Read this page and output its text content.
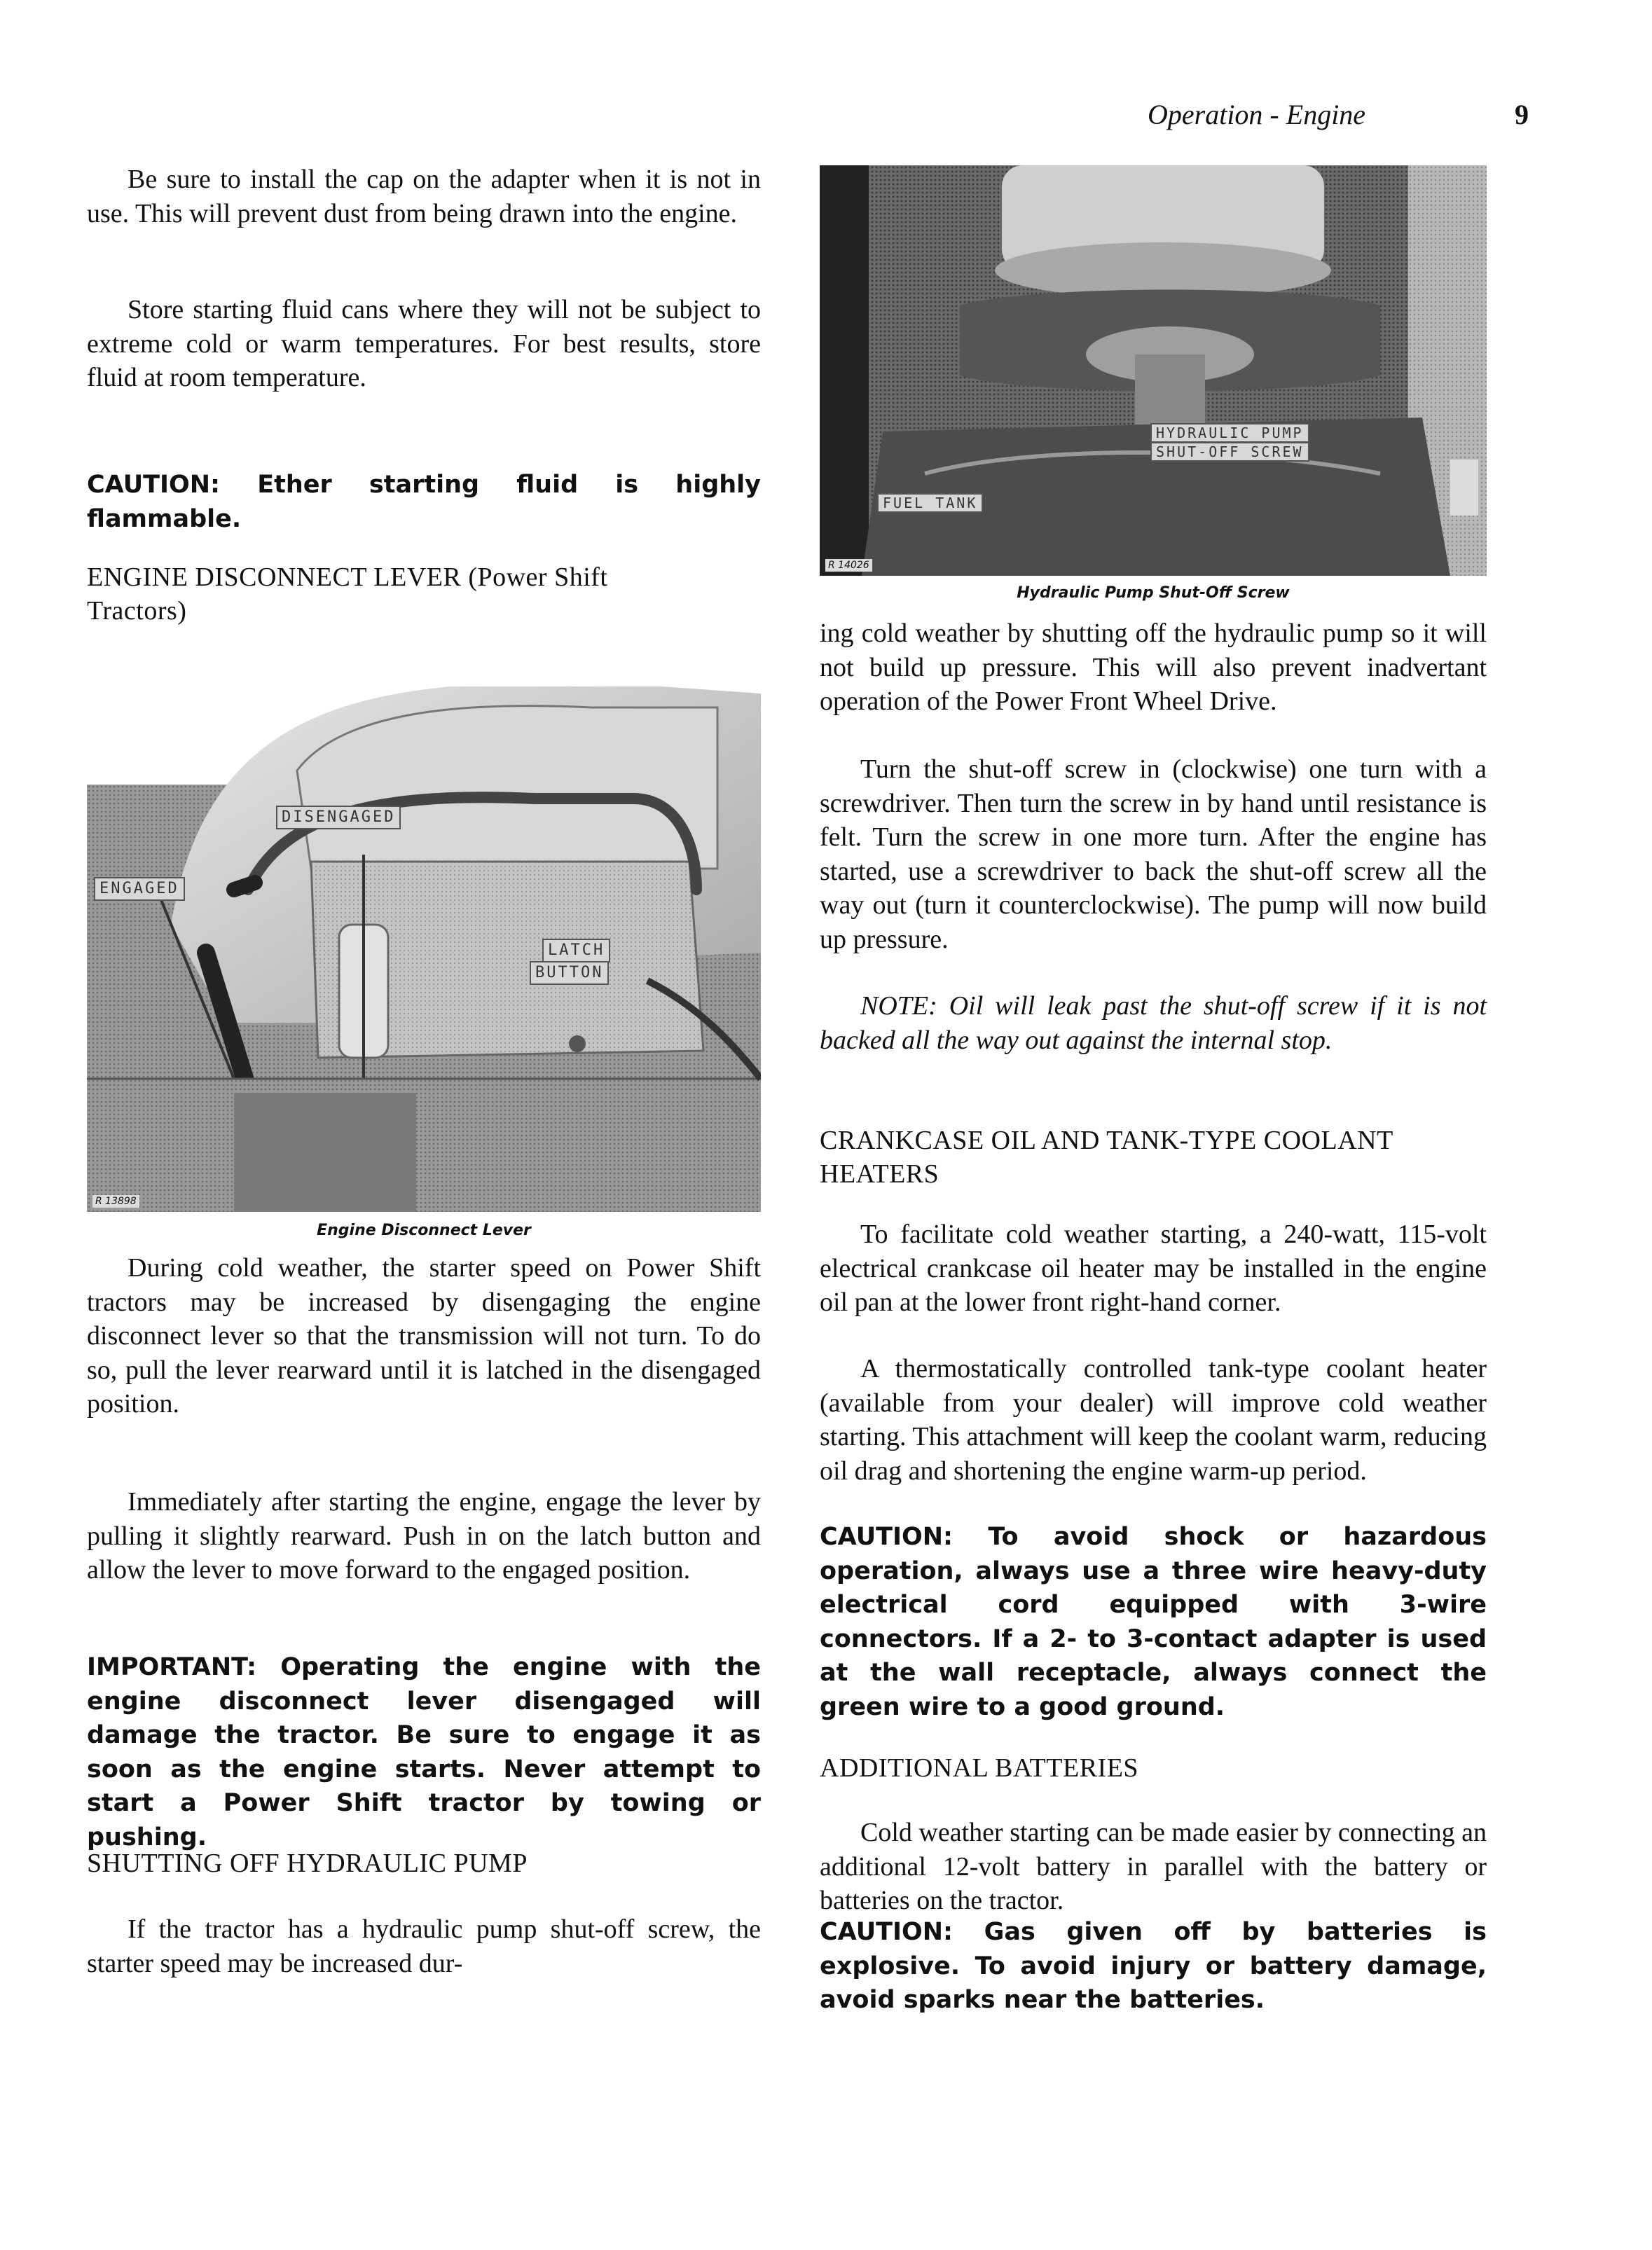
Operation - Engine	9

Be sure to install the cap on the adapter when it is not in use. This will prevent dust from being drawn into the engine.

Store starting fluid cans where they will not be subject to extreme cold or warm temperatures. For best results, store fluid at room temperature.

CAUTION: Ether starting fluid is highly flammable.

ENGINE DISCONNECT LEVER (Power Shift Tractors)

DISENGAGED
ENGAGED
LATCH
BUTTON
R 13898
Engine Disconnect Lever

During cold weather, the starter speed on Power Shift tractors may be increased by disengaging the engine disconnect lever so that the transmission will not turn. To do so, pull the lever rearward until it is latched in the disengaged position.

Immediately after starting the engine, engage the lever by pulling it slightly rearward. Push in on the latch button and allow the lever to move forward to the engaged position.

IMPORTANT: Operating the engine with the engine disconnect lever disengaged will damage the tractor. Be sure to engage it as soon as the engine starts. Never attempt to start a Power Shift tractor by towing or pushing.

SHUTTING OFF HYDRAULIC PUMP

If the tractor has a hydraulic pump shut-off screw, the starter speed may be increased dur-

HYDRAULIC PUMP
SHUT-OFF SCREW
FUEL TANK
R 14026
Hydraulic Pump Shut-Off Screw

ing cold weather by shutting off the hydraulic pump so it will not build up pressure. This will also prevent inadvertant operation of the Power Front Wheel Drive.

Turn the shut-off screw in (clockwise) one turn with a screwdriver. Then turn the screw in by hand until resistance is felt. Turn the screw in one more turn. After the engine has started, use a screwdriver to back the shut-off screw all the way out (turn it counterclockwise). The pump will now build up pressure.

NOTE: Oil will leak past the shut-off screw if it is not backed all the way out against the internal stop.

CRANKCASE OIL AND TANK-TYPE COOLANT HEATERS

To facilitate cold weather starting, a 240-watt, 115-volt electrical crankcase oil heater may be installed in the engine oil pan at the lower front right-hand corner.

A thermostatically controlled tank-type coolant heater (available from your dealer) will improve cold weather starting. This attachment will keep the coolant warm, reducing oil drag and shortening the engine warm-up period.

CAUTION: To avoid shock or hazardous operation, always use a three wire heavy-duty electrical cord equipped with 3-wire connectors. If a 2- to 3-contact adapter is used at the wall receptacle, always connect the green wire to a good ground.

ADDITIONAL BATTERIES

Cold weather starting can be made easier by connecting an additional 12-volt battery in parallel with the battery or batteries on the tractor.

CAUTION: Gas given off by batteries is explosive. To avoid injury or battery damage, avoid sparks near the batteries.
